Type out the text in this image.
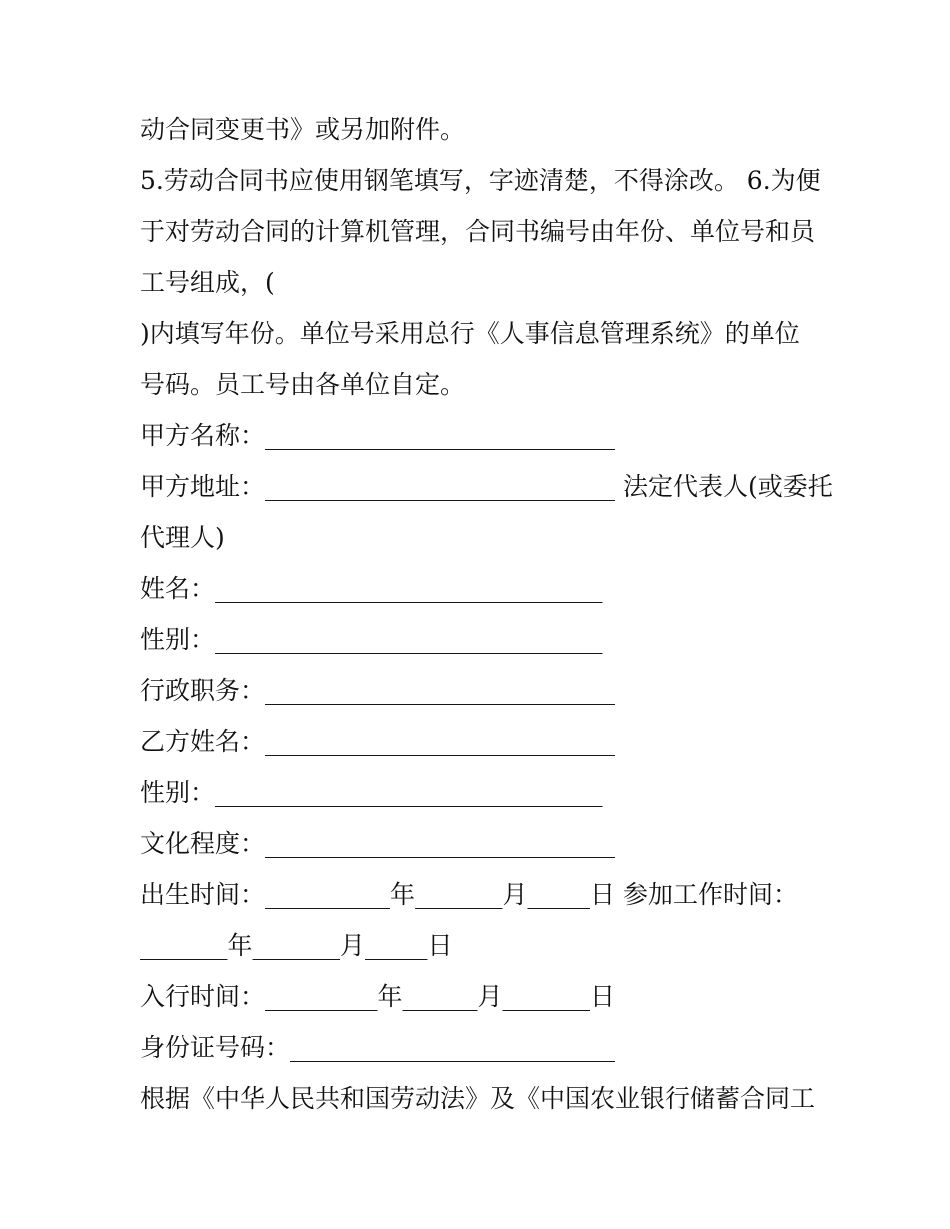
动合同变更书》或另加附件。
5.劳动合同书应使用钢笔填写，字迹清楚，不得涂改。 6.为便
于对劳动合同的计算机管理，合同书编号由年份、单位号和员
工号组成，(
)内填写年份。单位号采用总行《人事信息管理系统》的单位
号码。员工号由各单位自定。
甲方名称：____________________________
甲方地址：____________________________ 法定代表人(或委托
代理人)
姓名：_______________________________
性别：_______________________________
行政职务：____________________________
乙方姓名：____________________________
性别：_______________________________
文化程度：____________________________
出生时间：__________年_______月_____日 参加工作时间：
_______年_______月_____日
入行时间：_________年______月_______日
身份证号码：__________________________
根据《中华人民共和国劳动法》及《中国农业银行储蓄合同工
